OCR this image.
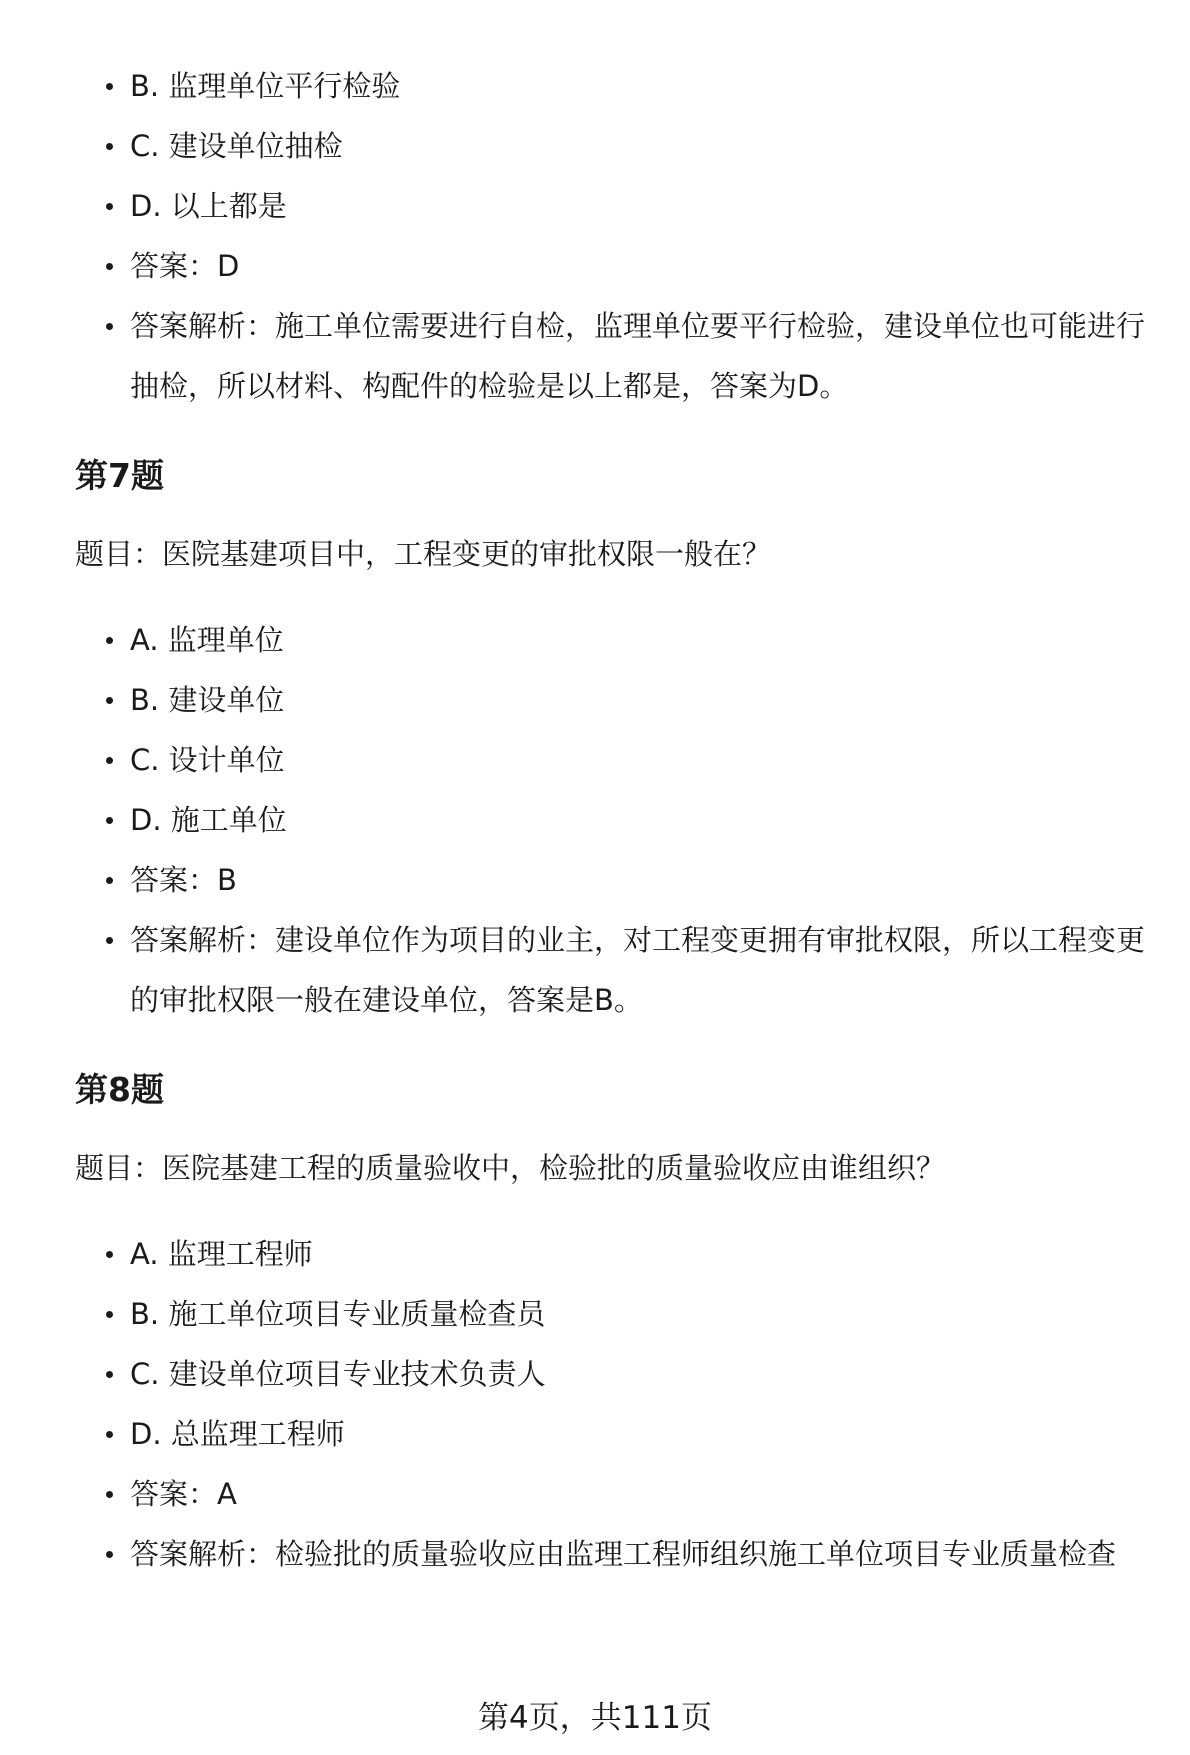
B. 监理单位平行检验
C. 建设单位抽检
D. 以上都是
答案：D
答案解析：施工单位需要进行自检，监理单位要平行检验，建设单位也可能进行抽检，所以材料、构配件的检验是以上都是，答案为D。
第7题

题目：医院基建项目中，工程变更的审批权限一般在？

A. 监理单位
B. 建设单位
C. 设计单位
D. 施工单位
答案：B
答案解析：建设单位作为项目的业主，对工程变更拥有审批权限，所以工程变更的审批权限一般在建设单位，答案是B。
第8题

题目：医院基建工程的质量验收中，检验批的质量验收应由谁组织？

A. 监理工程师
B. 施工单位项目专业质量检查员
C. 建设单位项目专业技术负责人
D. 总监理工程师
答案：A
答案解析：检验批的质量验收应由监理工程师组织施工单位项目专业质量检查
第4页，共111页
